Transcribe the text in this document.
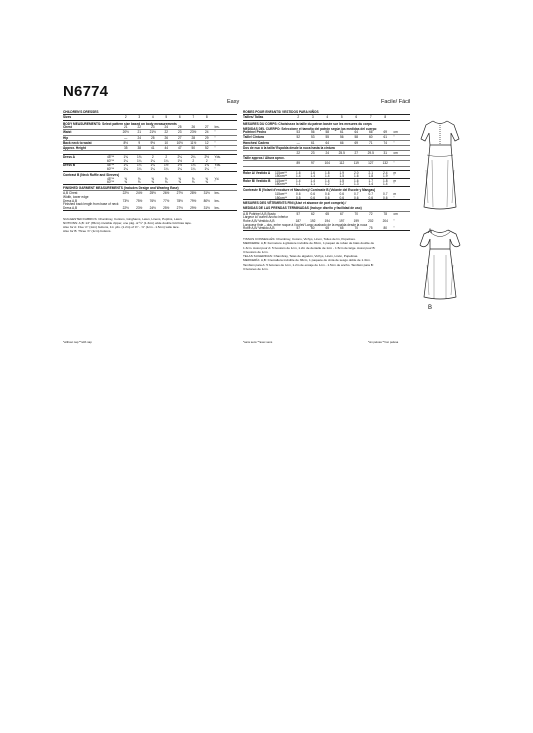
N6774
Easy	Facile/ Fácil
CHILDREN'S DRESSES
Sizes	2	3	4	5	6	7	8
BODY MEASUREMENTS: Select pattern size based on body measurements
Chest	21	22	23	24	25	26	27	Ins.
Waist	20½	21	21½	22	23	23½	24	"
Hip	—	24	25	26	27	28	29	"
Back neck to waist	8½	9	9½	10	10½	11½	12	"
Approx. Height	35	38	41	44	47	50	52	"
Dress A	45"**	1¾	1¾	2	2	2¼	2¼	2½	Yds.
60"**	1¼	1¼	1¼	1¼	1½	2	2	"
Dress B	45"**	1¼	1¼	1¼	1½	1½	1¾	1¾	Yds.
60"**	1¼	1¼	1¼	1¼	1¼	1¼	1¼	"
Contrast B (Neck Ruffle and Sleeves)
45"**	⅝	⅝	⅝	⅝	⅝	⅝	⅝	Yd.
60"**	⅝	⅝	⅝	⅝	⅝	⅝	⅝	"
FINISHED GARMENT MEASUREMENTS (Includes Design and Wearing Ease)
A,B Chest	22½	24½	25½	26½	27½	28½	31½	Ins.
Width, lower edge
Dress A,B	73½	75½	76½	77½	78½	79½	80½	Ins.
Finished back length from base of neck
Dress A,B	22½	23½	24½	25½	27½	29½	31½	Ins.
SUGGESTED FABRICS: Chambray, Cottons, Ginghams, Lawn, Linens, Poplins, Lawn.
NOTIONS: A,B: 14" (35cm) invisible zipper, one pkg. of ½" (1.3cm) wide double fold bias tape.
Also for A: Five ⅝" (1cm) buttons, 1¾ yds. (1.2m) of ⅜" - ⅝" (1cm - 1.5cm) wide lace.
Also for B: Three ⅝" (1cm) buttons.
ROBES POUR ENFANTS/ VESTIDOS PARA NIÑOS
Tailles/ Tallas	2	3	4	5	6	7	8
MESURES DU CORPS: Choisissez la taille du patron basée sur les mesures du corps
MEDIDAS DEL CUERPO: Seleccione el tamaño del patrón según las medidas del cuerpo
Poitrine/ Pecho	53	56	58	61	64	66	69	cm
Taille/ Cintura	52	53	55	56	58	60	61	"
Hanches/ Cadera	—	61	64	66	69	71	74	"
Dos de nuc à la taille/ Espalda desde la nuca hasta la cintura
22	23	24	25.5	27	29.5	31	cm
Taille approx./ Altura aprox.
89	97	104	112	119	127	132	"
Robe A/ Vestido A	115cm**	1.6	1.6	1.8	1.9	2.0	2.1	2.4	m
150cm**	1.4	1.4	1.4	1.5	1.6	1.8	1.9	"
Robe B/ Vestido B	115cm**	1.4	1.4	1.4	1.5	1.6	1.7	1.8	m
150cm**	1.1	1.1	1.2	1.2	1.3	1.4	1.4	"
Contraste B (Volant d'encolure et Manches)/ Contraste B (Volante del Escote y Mangas)
115cm**	0.6	0.6	0.6	0.6	0.7	0.7	0.7	m
150cm**	0.5	0.6	0.6	0.6	0.6	0.6	0.6	"
MESURES DES VÊTEMENTS FINI (Aisé et aisance de port compris) /
MEDIDAS DE LAS PRENDAS TERMINADAS (Incluye diseño y facilidad de uso)
A,B Poitrine/ A,B Busto	57	62	65	67	70	72	78	cm
Largeur à l'ourlet/ Ancho inferior
Robe A,B/ Vestido A,B	187	192	194	197	199	202	204	"
Longueur finie – dos, entre noque à l'ourlet/ Largo acabado de la espalda desde la nuca
Robe A,B/ Vestido A,B	57	60	65	65	70	75	80	"
TISSUS CONSEILLÉS: Chambray, Cotons, Vichys, Linon, Toiles de lin, Popelines.
MERCERIE: A,B: Fermeture à glissière invisible de 36cm, 1 paquet de ruban de biais double de
1.3cm. Aussi pour A: 5 boutons de 1cm, 1.2m de dentelle de 1cm - 1.5cm de large. Aussi pour B:
3 boutons de 1cm.
TELAS SUGERIDAS: Chambray, Telas de algodón, Vichys, Linón, Linón, Popelinas.
MERCERÍA: A,B: Cremallera invisible de 36cm, 1 paquete de cinta de sesgo doble de 1.3cm.
También para A: 5 botones de 1cm, 1.2m de encaje de 1cm - 1.5cm de ancho. También para B:
3 botones de 1cm.
*without nap **with nap	*sans sens **avec sens	*sin pelusa **con pelusa
A
B
